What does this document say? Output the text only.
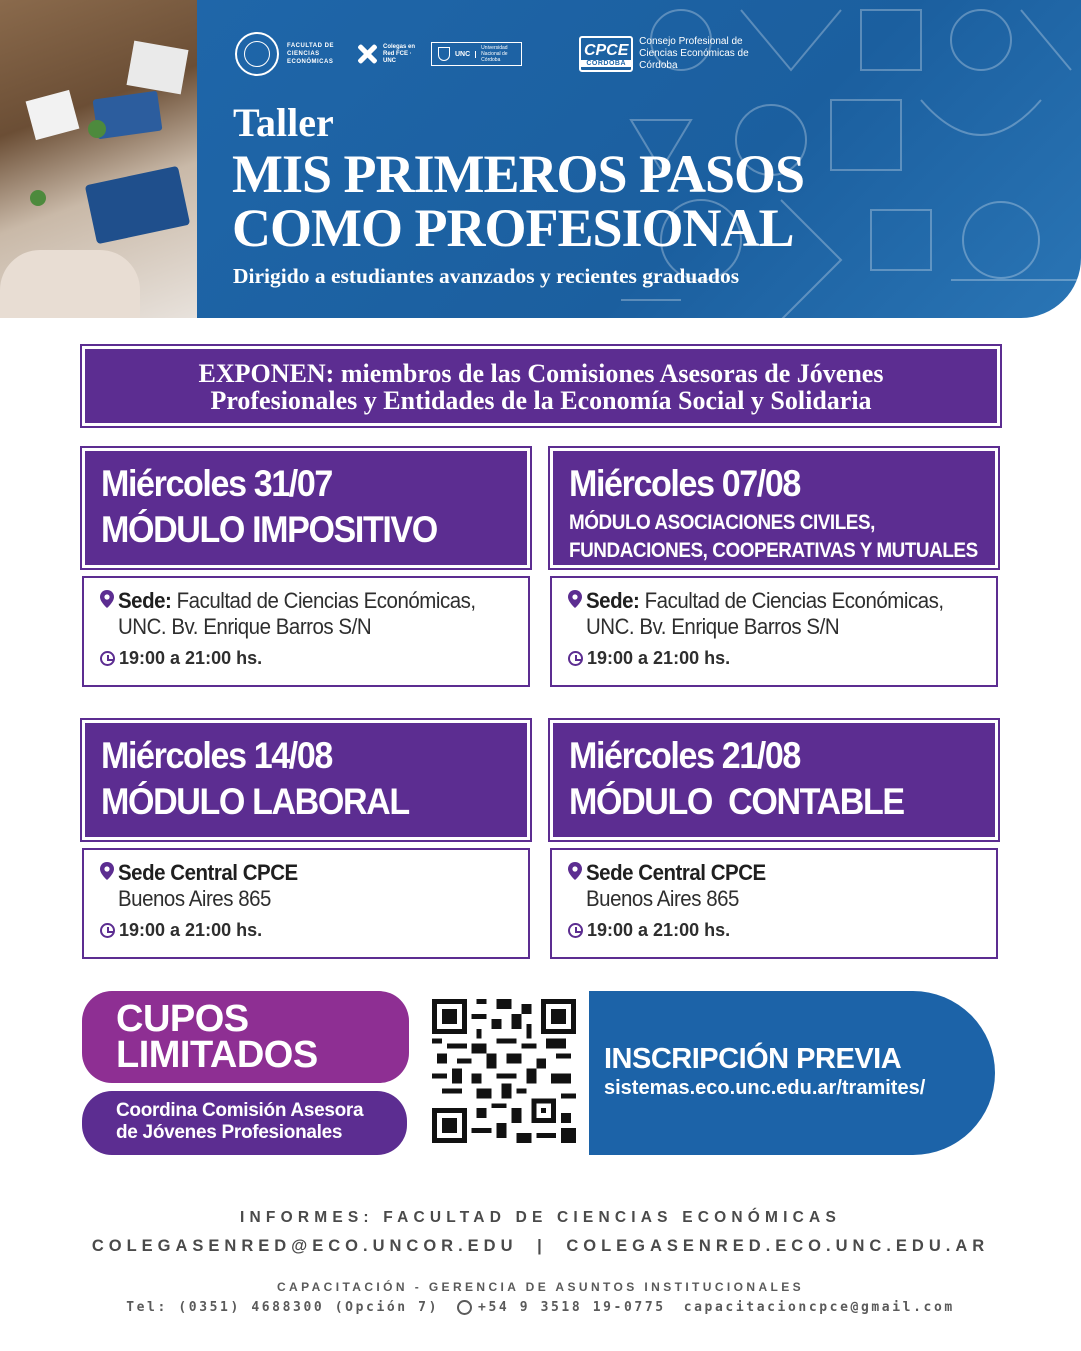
FACULTAD DE CIENCIAS ECONÓMICAS
Colegas en Red FCE · UNC
UNC
Universidad Nacional de Córdoba
CPCE
CORDOBA
Consejo Profesional de Ciencias Económicas de Córdoba
Taller
MIS PRIMEROS PASOS
COMO PROFESIONAL
Dirigido a estudiantes avanzados y recientes graduados
EXPONEN: miembros de las Comisiones Asesoras de Jóvenes
Profesionales y Entidades de la Economía Social y Solidaria
Miércoles 31/07
MÓDULO IMPOSITIVO
Sede: Facultad de Ciencias Económicas,
UNC. Bv. Enrique Barros S/N
19:00 a 21:00 hs.
Miércoles 07/08
MÓDULO ASOCIACIONES CIVILES,
FUNDACIONES, COOPERATIVAS Y MUTUALES
Sede: Facultad de Ciencias Económicas,
UNC. Bv. Enrique Barros S/N
19:00 a 21:00 hs.
Miércoles 14/08
MÓDULO LABORAL
Sede Central CPCE
Buenos Aires 865
19:00 a 21:00 hs.
Miércoles 21/08
MÓDULO  CONTABLE
Sede Central CPCE
Buenos Aires 865
19:00 a 21:00 hs.
CUPOS
LIMITADOS
Coordina Comisión Asesora
de Jóvenes Profesionales
INSCRIPCIÓN PREVIA
sistemas.eco.unc.edu.ar/tramites/
INFORMES: FACULTAD DE CIENCIAS ECONÓMICAS
COLEGASENRED@ECO.UNCOR.EDU | COLEGASENRED.ECO.UNC.EDU.AR
CAPACITACIÓN - GERENCIA DE ASUNTOS INSTITUCIONALES
Tel: (0351) 4688300 (Opción 7)	+54 9 3518 19-0775 capacitacioncpce@gmail.com
